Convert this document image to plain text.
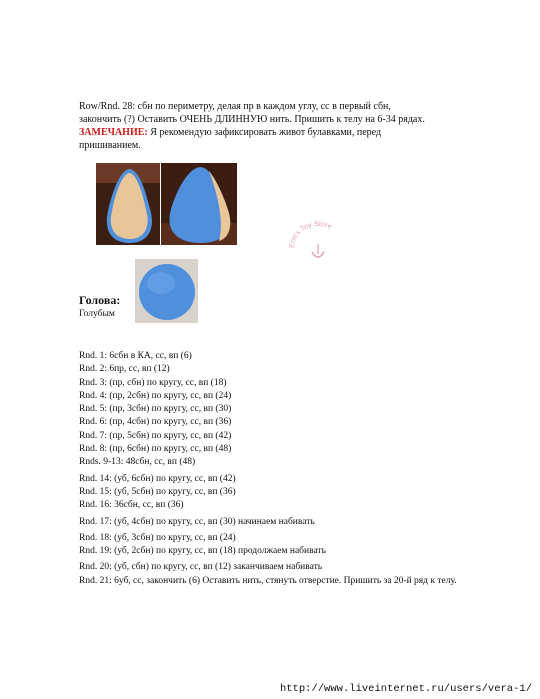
Row/Rnd. 28: сбн по периметру, делая пр в каждом углу, сс в первый сбн,
закончить (?) Оставить ОЧЕНЬ ДЛИННУЮ нить. Пришить к телу на 6-34 рядах.
ЗАМЕЧАНИЕ: Я рекомендую зафиксировать живот булавками, перед
пришиванием.
Erin's Toy Store
Голова:
Голубым
Rnd. 1: 6сбн в КА, сс, вп (6)
Rnd. 2: 6пр, сс, вп (12)
Rnd. 3: (пр, сбн) по кругу, сс, вп (18)
Rnd. 4: (пр, 2сбн) по кругу, сс, вп (24)
Rnd. 5: (пр, 3сбн) по кругу, сс, вп (30)
Rnd. 6: (пр, 4сбн) по кругу, сс, вп (36)
Rnd. 7: (пр, 5сбн) по кругу, сс, вп (42)
Rnd. 8: (пр, 6сбн) по кругу, сс, вп (48)
Rnds. 9-13: 48сбн, сс, вп (48)
Rnd. 14: (уб, 6сбн) по кругу, сс, вп (42)
Rnd. 15: (уб, 5сбн) по кругу, сс, вп (36)
Rnd. 16: 36сбн, сс, вп (36)
Rnd. 17: (уб, 4сбн) по кругу, сс, вп (30) начинаем набивать
Rnd. 18: (уб, 3сбн) по кругу, сс, вп (24)
Rnd. 19: (уб, 2сбн) по кругу, сс, вп (18) продолжаем набивать
Rnd. 20: (уб, сбн) по кругу, сс, вп (12) заканчиваем набивать
Rnd. 21: 6уб, сс, закончить (6) Оставить нить, стянуть отверстие. Пришить за 20-й ряд к телу.
http://www.liveinternet.ru/users/vera-1/
